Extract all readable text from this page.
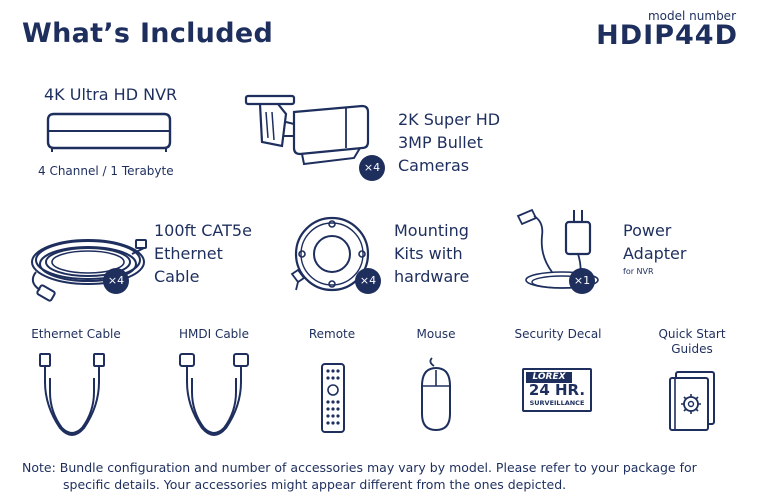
What’s Included
model number
HDIP44D
4K Ultra HD NVR
4 Channel / 1 Terabyte	×4
2K Super HD
3MP Bullet
Cameras
×4
100ft CAT5e
Ethernet
Cable	×4
Mounting
Kits with
hardware	×1
Power
Adapter
for NVR
Ethernet Cable	HMDI Cable	Remote	Mouse	Security Decal
LOREX
24 HR.
SURVEILLANCE
Quick Start
Guides
Note: Bundle configuration and number of accessories may vary by model. Please refer to your package for
specific details. Your accessories might appear different from the ones depicted.
